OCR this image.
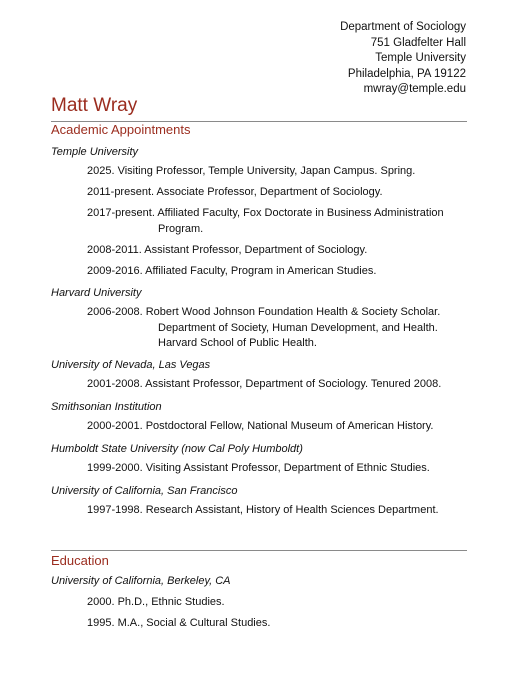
Department of Sociology
751 Gladfelter Hall
Temple University
Philadelphia, PA 19122
mwray@temple.edu
Matt Wray
Academic Appointments
Temple University
2025. Visiting Professor, Temple University, Japan Campus. Spring.
2011-present. Associate Professor, Department of Sociology.
2017-present. Affiliated Faculty, Fox Doctorate in Business Administration
Program.
2008-2011. Assistant Professor, Department of Sociology.
2009-2016. Affiliated Faculty, Program in American Studies.
Harvard University
2006-2008. Robert Wood Johnson Foundation Health & Society Scholar.
Department of Society, Human Development, and Health.
Harvard School of Public Health.
University of Nevada, Las Vegas
2001-2008. Assistant Professor, Department of Sociology. Tenured 2008.
Smithsonian Institution
2000-2001. Postdoctoral Fellow, National Museum of American History.
Humboldt State University (now Cal Poly Humboldt)
1999-2000. Visiting Assistant Professor, Department of Ethnic Studies.
University of California, San Francisco
1997-1998. Research Assistant, History of Health Sciences Department.
Education
University of California, Berkeley, CA
2000. Ph.D., Ethnic Studies.
1995. M.A., Social & Cultural Studies.
